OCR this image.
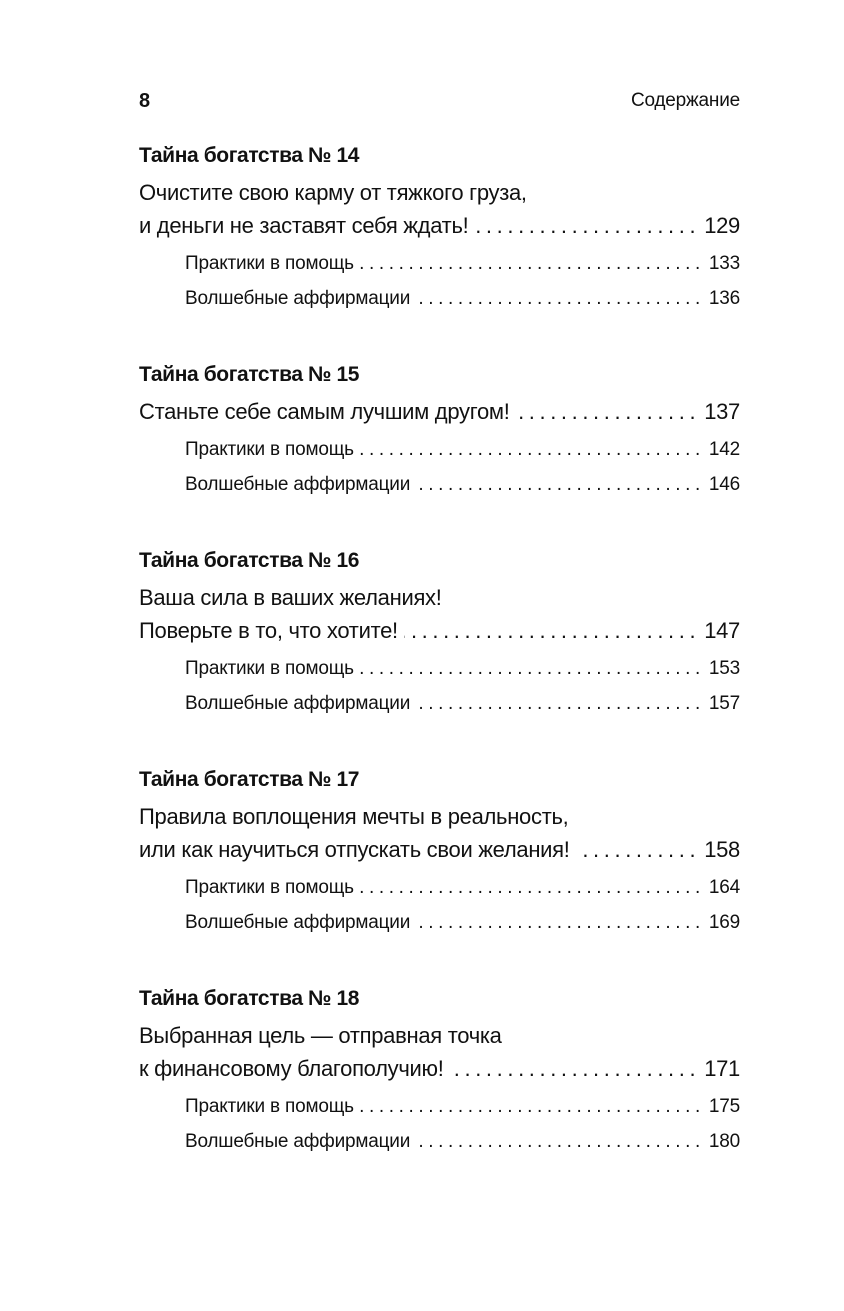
8	Содержание
Тайна богатства № 14
Очистите свою карму от тяжкого груза,
и деньги не заставят себя ждать! .....	129
Практики в помощь .....	133
Волшебные аффирмации .....	136
Тайна богатства № 15
Станьте себе самым лучшим другом! .....	137
Практики в помощь .....	142
Волшебные аффирмации .....	146
Тайна богатства № 16
Ваша сила в ваших желаниях!
Поверьте в то, что хотите! .....	147
Практики в помощь .....	153
Волшебные аффирмации .....	157
Тайна богатства № 17
Правила воплощения мечты в реальность,
или как научиться отпускать свои желания! .....	158
Практики в помощь .....	164
Волшебные аффирмации .....	169
Тайна богатства № 18
Выбранная цель — отправная точка
к финансовому благополучию! .....	171
Практики в помощь .....	175
Волшебные аффирмации .....	180
